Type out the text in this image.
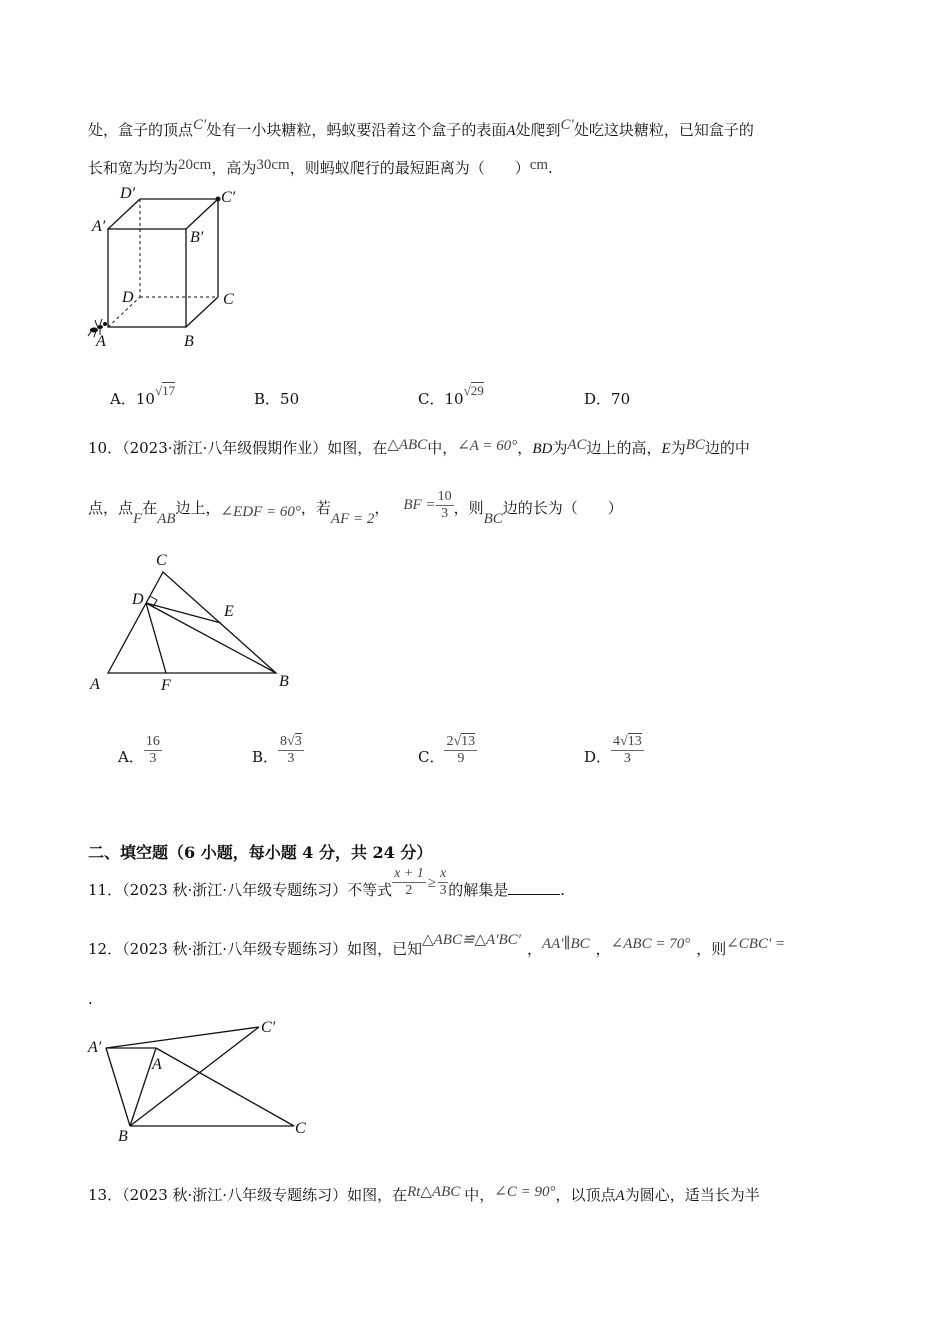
处，盒子的顶点C′处有一小块糖粒，蚂蚁要沿着这个盒子的表面A处爬到C′处吃这块糖粒，已知盒子的
长和宽为均为20cm，高为30cm，则蚂蚁爬行的最短距离为（　　）cm.
D′	C′
A′
B′
D	C
A	B
A．10√17	B．50	C．10√29	D．70
10．（2023·浙江·八年级假期作业）如图，在△ABC中，∠A = 60°，BD为AC边上的高，E为BC边的中
点，点F在AB边上，∠EDF = 60°，若AF = 2， BF = $\frac{10}{3}$ ，则BC边的长为（　　）
C
D
E
A	F	B
A． $\frac{16}{3}$	B． $\frac{8√3}{3}$	C． $\frac{2√13}{9}$	D． $\frac{4√13}{3}$
二、填空题（6 小题，每小题 4 分，共 24 分）
11．（2023 秋·浙江·八年级专题练习）不等式 $\frac{x + 1}{2} \ge \frac{x}{3}$ 的解集是	.
12．（2023 秋·浙江·八年级专题练习）如图，已知△ABC≌△A′BC′ ，AA′∥BC ，∠ABC = 70° ，则∠CBC′ =
.
A′
C′
A
B	C
13．（2023 秋·浙江·八年级专题练习）如图，在Rt△ABC 中，∠C = 90°，以顶点A为圆心，适当长为半
